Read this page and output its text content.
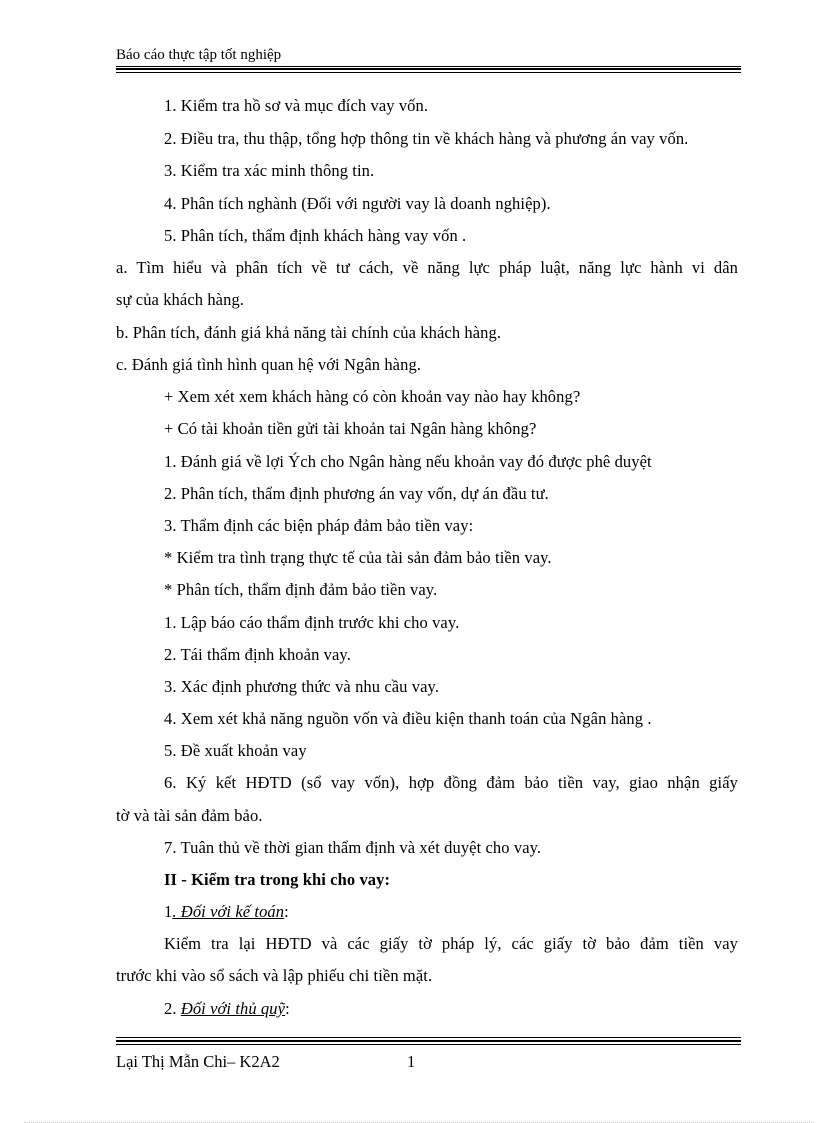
Báo cáo thực tập tốt nghiệp
1. Kiểm tra hồ sơ và mục đích vay vốn.
2. Điều tra, thu thập, tổng hợp thông tin về khách hàng và phương án vay vốn.
3. Kiểm tra xác minh thông tin.
4. Phân tích nghành (Đối với người vay là doanh nghiệp).
5. Phân tích, thẩm định khách hàng vay vốn .
a. Tìm hiểu và phân tích về tư cách, về năng lực pháp luật, năng lực hành vi dân
sự của khách hàng.
b. Phân tích, đánh giá khả năng tài chính của khách hàng.
c. Đánh giá tình hình quan hệ với Ngân hàng.
+ Xem xét xem khách hàng có còn khoản vay nào hay không?
+ Có tài khoản tiền gửi tài khoản tai Ngân hàng không?
1. Đánh giá về lợi Ých cho Ngân hàng nếu khoản vay đó được phê duyệt
2. Phân tích, thẩm định phương án vay vốn, dự án đầu tư.
3. Thẩm định các biện pháp đảm bảo tiền vay:
* Kiểm tra tình trạng thực tế của tài sản đảm bảo tiền vay.
* Phân tích, thẩm định đảm bảo tiền vay.
1. Lập báo cáo thẩm định trước khi cho vay.
2. Tái thẩm định khoản vay.
3. Xác định phương thức và nhu cầu vay.
4. Xem xét khả năng nguồn vốn và điều kiện thanh toán của Ngân hàng .
5. Đề xuất khoản vay
6. Ký kết HĐTD (sổ vay vốn), hợp đồng đảm bảo tiền vay, giao nhận giấy
tờ và tài sản đảm bảo.
7. Tuân thủ về thời gian thẩm định và xét duyệt cho vay.
II - Kiểm tra trong khi cho vay:
1. Đối với kế toán:
Kiểm tra lại HĐTD và các giấy tờ pháp lý, các giấy tờ bảo đảm tiền vay
trước khi vào sổ sách và lập phiếu chi tiền mặt.
2. Đối với thủ quỹ:
Lại Thị Mẫn Chi– K2A2	1
